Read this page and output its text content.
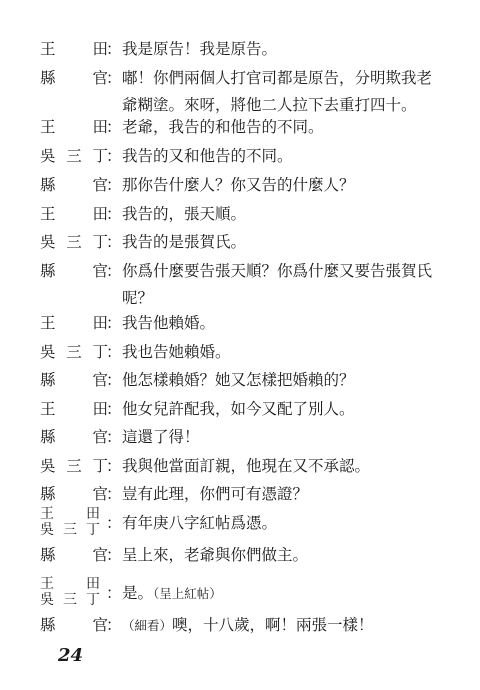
王 田
： 我是原告！我是原告。
縣 官
： 嘟！你們兩個人打官司都是原告，分明欺我老
爺糊塗。來呀，將他二人拉下去重打四十。
王 田
： 老爺，我告的和他告的不同。
吳 三 丁
： 我告的又和他告的不同。
縣 官
： 那你告什麼人？你又告的什麼人？
王 田
： 我告的，張天順。
吳 三 丁
： 我告的是張賀氏。
縣 官
： 你爲什麼要告張天順？你爲什麼又要告張賀氏
呢？
王 田
： 我告他賴婚。
吳 三 丁
： 我也告她賴婚。
縣 官
： 他怎樣賴婚？她又怎樣把婚賴的？
王 田
： 他女兒許配我，如今又配了別人。
縣 官
： 這還了得！
吳 三 丁
： 我與他當面訂親，他現在又不承認。
縣 官
： 豈有此理，你們可有憑證？
王 田
吳 三 丁 ： 有年庚八字紅帖爲憑。
縣 官
： 呈上來，老爺與你們做主。
王 田
吳 三 丁 ： 是。（呈上紅帖）
縣 官
： （細看）噢，十八歲，啊！兩張一樣！
24
